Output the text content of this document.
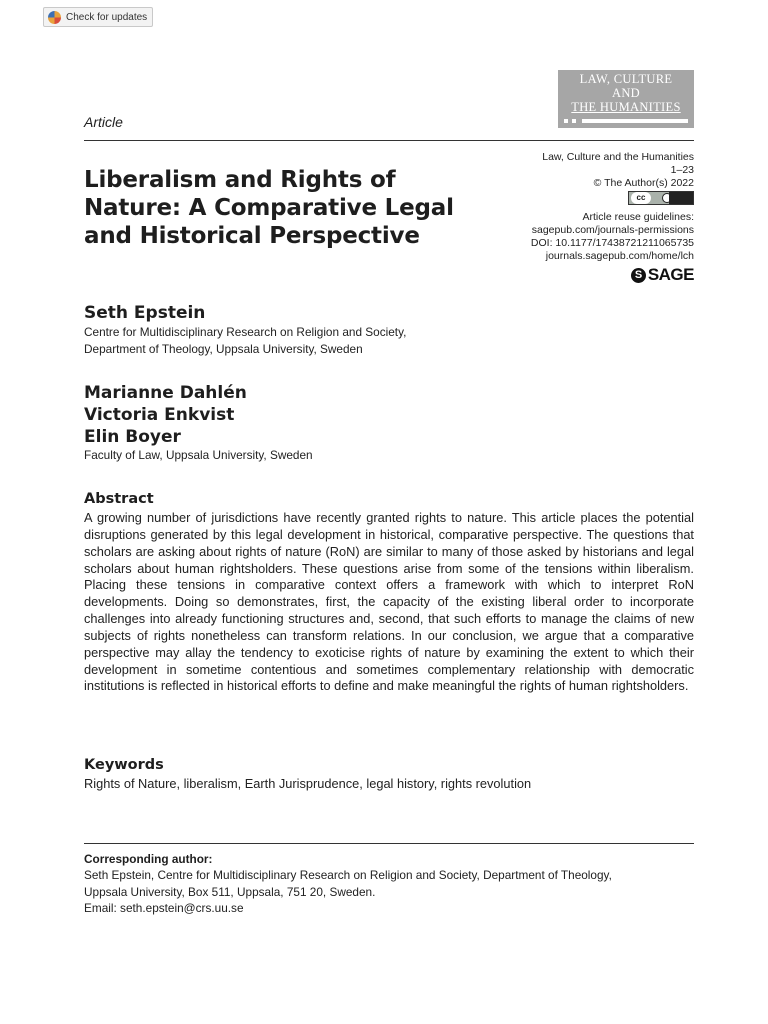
Check for updates
LAW, CULTURE
AND
THE HUMANITIES
Article
Liberalism and Rights of
Nature: A Comparative Legal
and Historical Perspective
Law, Culture and the Humanities
1–23
© The Author(s) 2022
cc
Article reuse guidelines:
sagepub.com/journals-permissions
DOI: 10.1177/17438721211065735
journals.sagepub.com/home/lch
S SAGE
Seth Epstein
Centre for Multidisciplinary Research on Religion and Society,
Department of Theology, Uppsala University, Sweden
Marianne Dahlén
Victoria Enkvist
Elin Boyer
Faculty of Law, Uppsala University, Sweden
Abstract
A growing number of jurisdictions have recently granted rights to nature. This article places the potential disruptions generated by this legal development in historical, comparative perspective. The questions that scholars are asking about rights of nature (RoN) are similar to many of those asked by historians and legal scholars about human rightsholders. These questions arise from some of the tensions within liberalism. Placing these tensions in comparative context offers a framework with which to interpret RoN developments. Doing so demonstrates, first, the capacity of the existing liberal order to incorporate challenges into already functioning structures and, second, that such efforts to manage the claims of new subjects of rights nonetheless can transform relations. In our conclusion, we argue that a comparative perspective may allay the tendency to exoticise rights of nature by examining the extent to which their development in sometime contentious and sometimes complementary relationship with democratic institutions is reflected in historical efforts to define and make meaningful the rights of human rightsholders.
Keywords
Rights of Nature, liberalism, Earth Jurisprudence, legal history, rights revolution
Corresponding author:
Seth Epstein, Centre for Multidisciplinary Research on Religion and Society, Department of Theology,
Uppsala University, Box 511, Uppsala, 751 20, Sweden.
Email: seth.epstein@crs.uu.se
